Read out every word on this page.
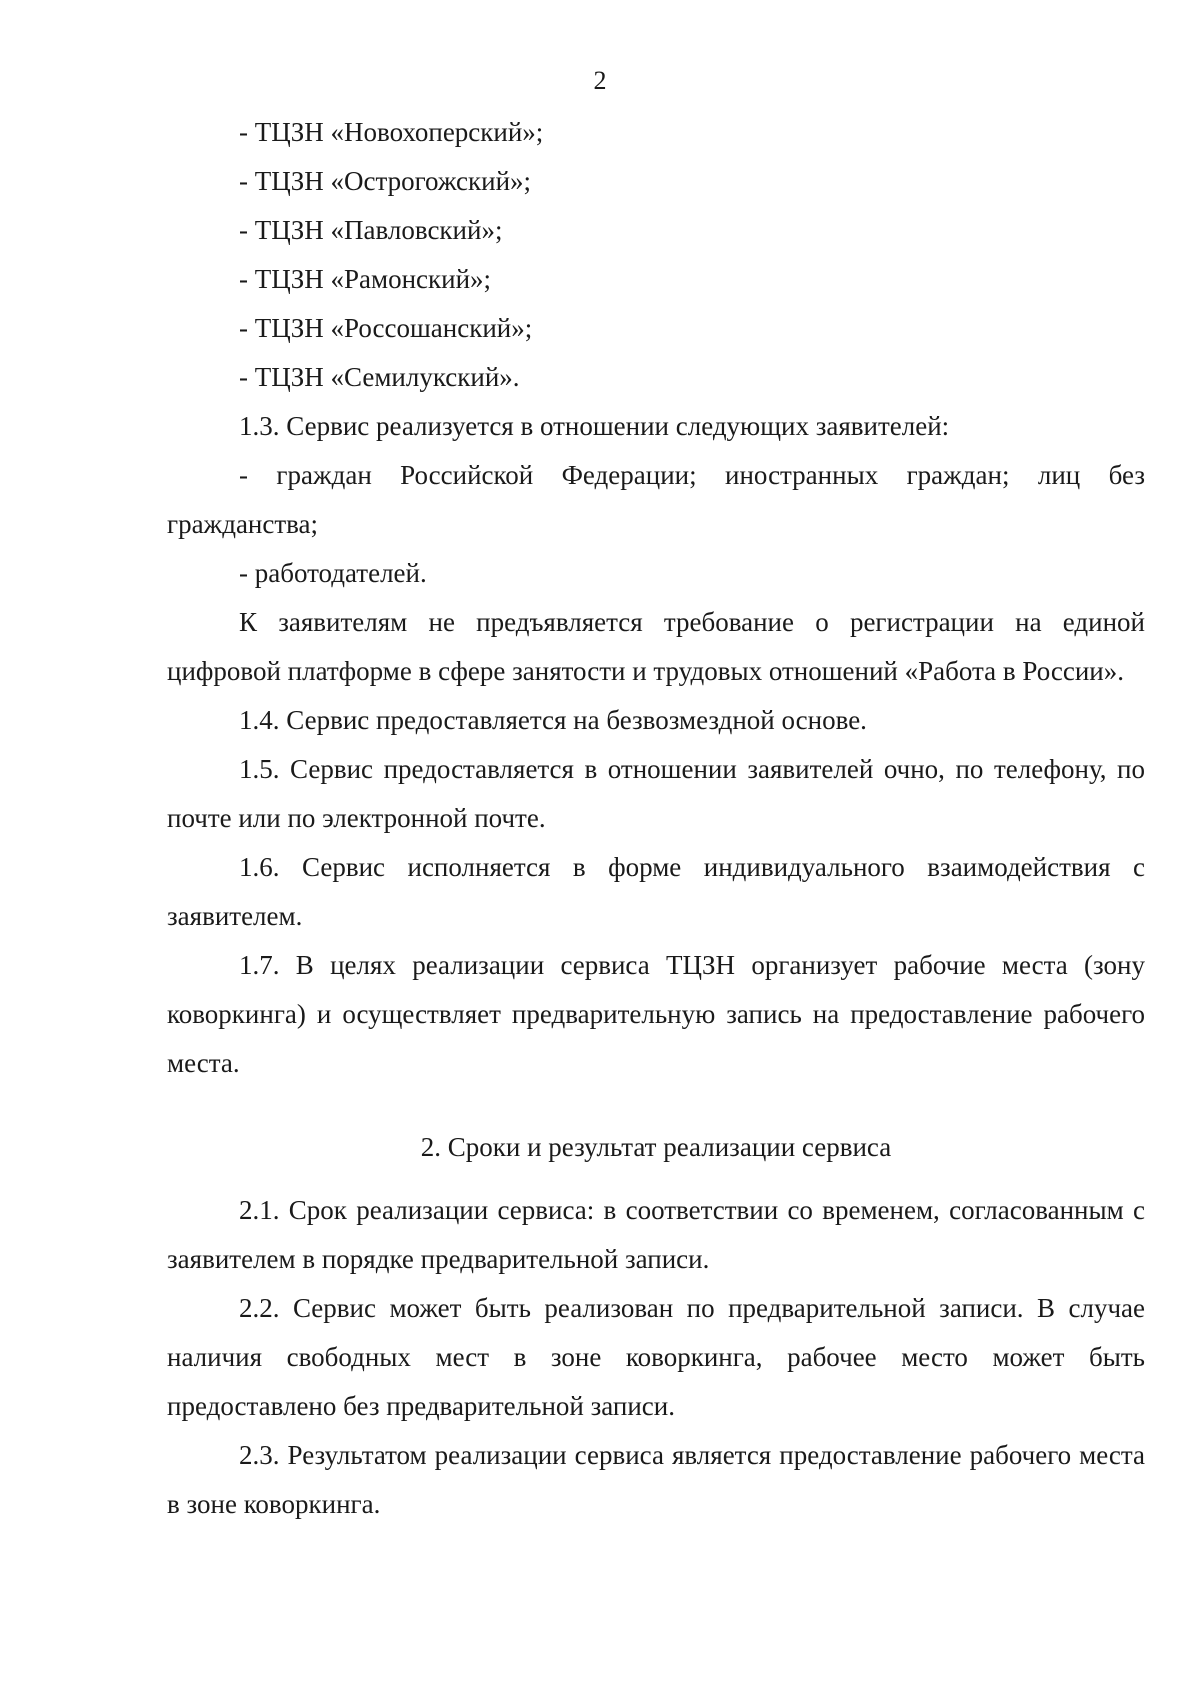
2

- ТЦЗН «Новохоперский»;

- ТЦЗН «Острогожский»;

- ТЦЗН «Павловский»;

- ТЦЗН «Рамонский»;

- ТЦЗН «Россошанский»;

- ТЦЗН «Семилукский».

1.3. Сервис реализуется в отношении следующих заявителей:

- граждан Российской Федерации; иностранных граждан; лиц без гражданства;

- работодателей.

К заявителям не предъявляется требование о регистрации на единой цифровой платформе в сфере занятости и трудовых отношений «Работа в России».

1.4. Сервис предоставляется на безвозмездной основе.

1.5. Сервис предоставляется в отношении заявителей очно, по телефону, по почте или по электронной почте.

1.6. Сервис исполняется в форме индивидуального взаимодействия с заявителем.

1.7. В целях реализации сервиса ТЦЗН организует рабочие места (зону коворкинга) и осуществляет предварительную запись на предоставление рабочего места.

2. Сроки и результат реализации сервиса

2.1. Срок реализации сервиса: в соответствии со временем, согласованным с заявителем в порядке предварительной записи.

2.2. Сервис может быть реализован по предварительной записи. В случае наличия свободных мест в зоне коворкинга, рабочее место может быть предоставлено без предварительной записи.

2.3. Результатом реализации сервиса является предоставление рабочего места в зоне коворкинга.
